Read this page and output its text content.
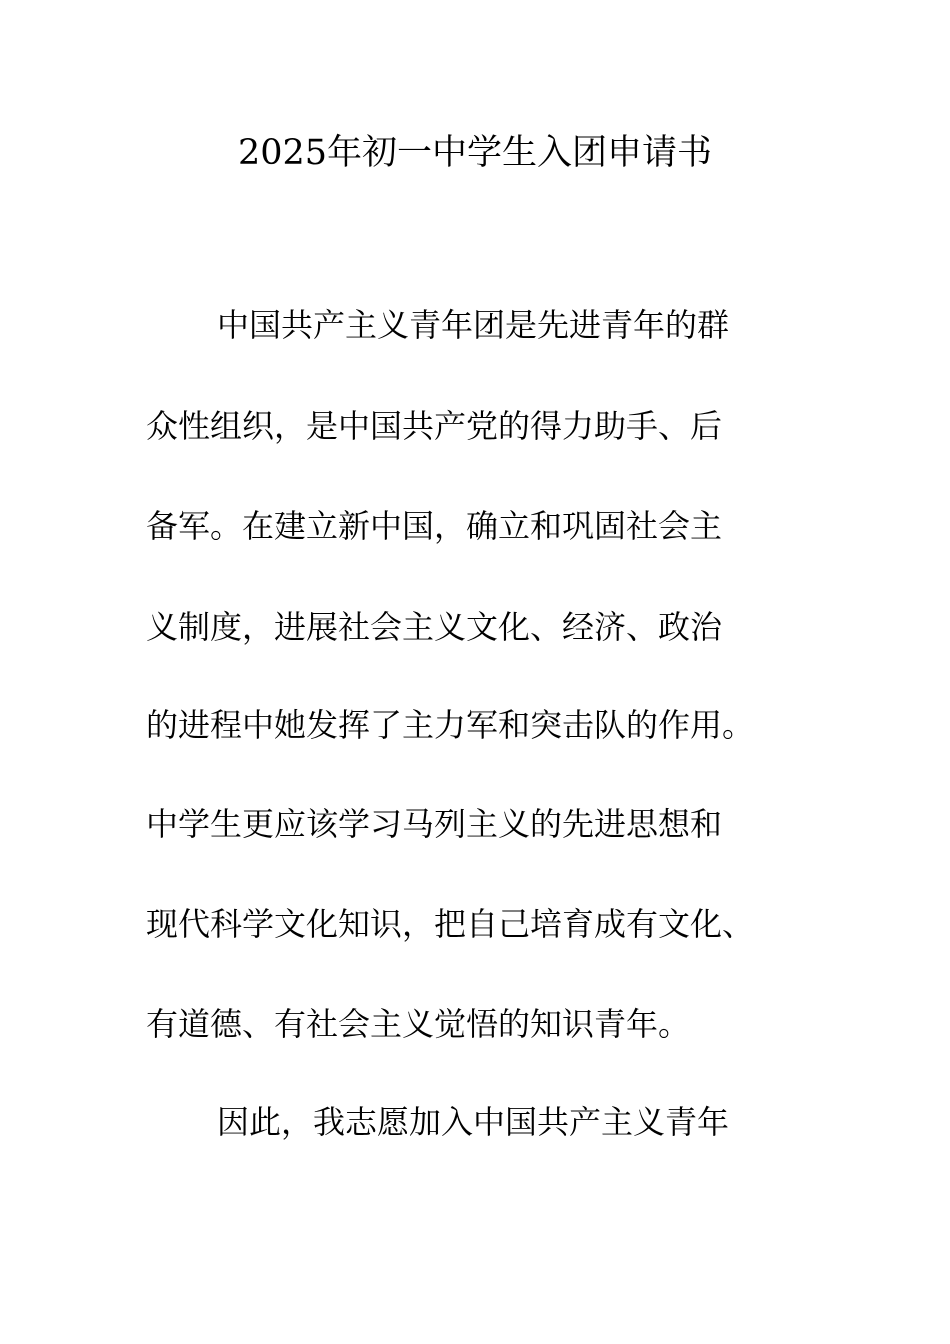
2025年初一中学生入团申请书

中国共产主义青年团是先进青年的群

众性组织，是中国共产党的得力助手、后

备军。在建立新中国，确立和巩固社会主

义制度，进展社会主义文化、经济、政治

的进程中她发挥了主力军和突击队的作用。

中学生更应该学习马列主义的先进思想和

现代科学文化知识，把自己培育成有文化、

有道德、有社会主义觉悟的知识青年。

因此，我志愿加入中国共产主义青年
